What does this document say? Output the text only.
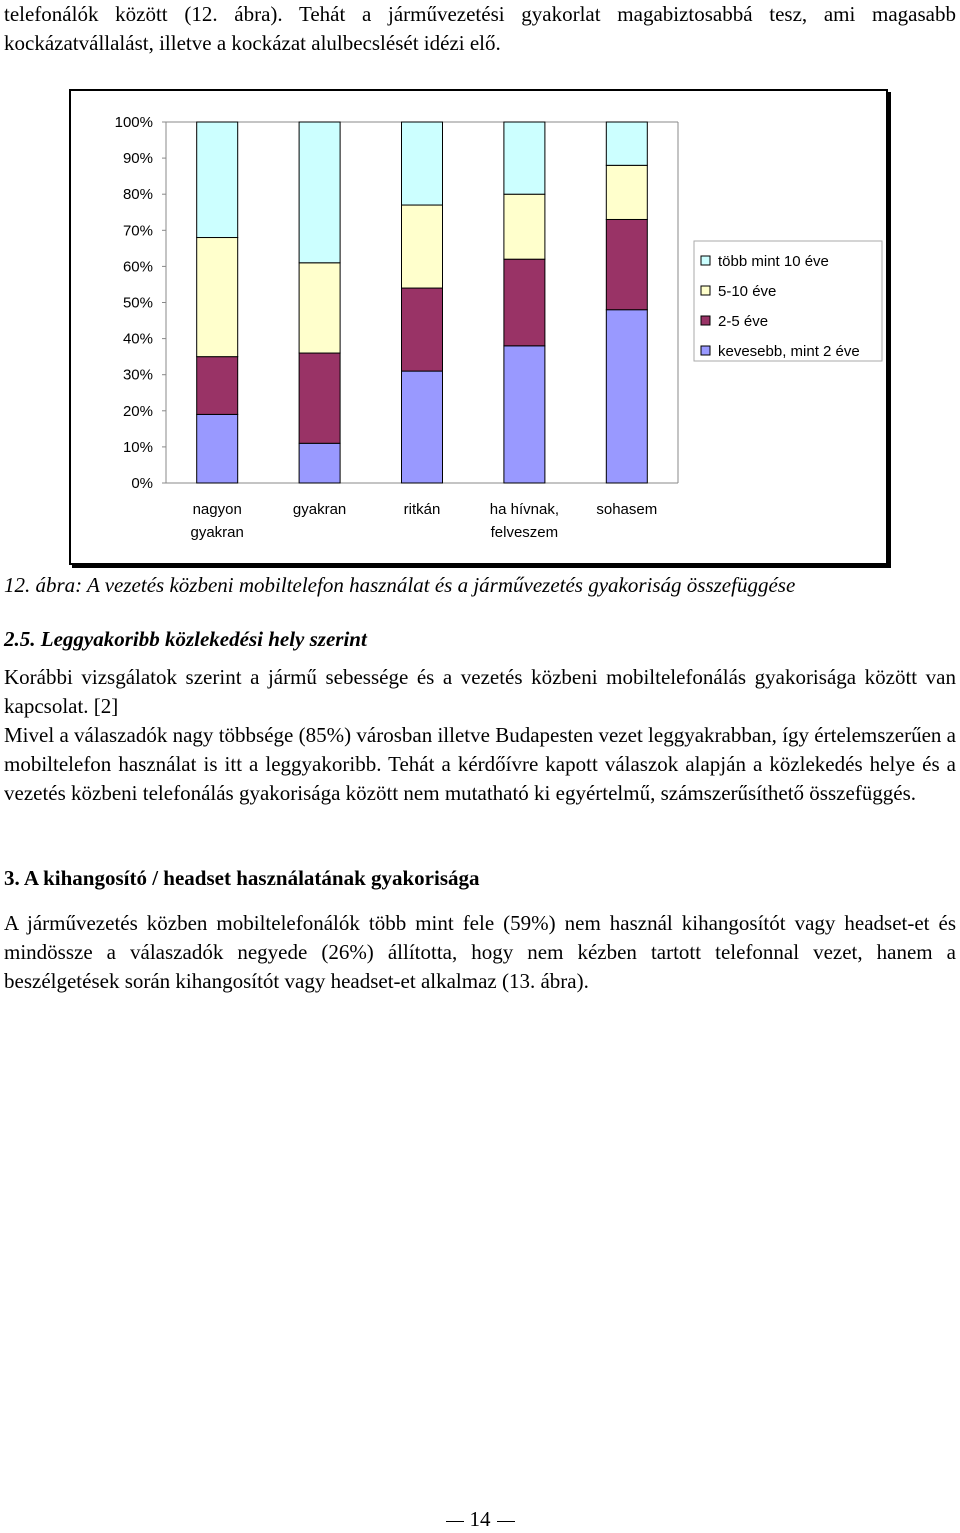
telefonálók között (12. ábra). Tehát a járművezetési gyakorlat magabiztosabbá tesz, ami magasabb kockázatvállalást, illetve a kockázat alulbecslését idézi elő.

0%
10%
20%
30%
40%
50%
60%
70%
80%
90%
100%
nagyon
gyakran
gyakran	ritkán	ha hívnak,
felveszem
sohasem
több mint 10 éve
5-10 éve
2-5 éve
kevesebb, mint 2 éve

12. ábra: A vezetés közbeni mobiltelefon használat és a járművezetés gyakoriság összefüggése

2.5. Leggyakoribb közlekedési hely szerint

Korábbi vizsgálatok szerint a jármű sebessége és a vezetés közbeni mobiltelefonálás gyakorisága között van kapcsolat. [2]

Mivel a válaszadók nagy többsége (85%) városban illetve Budapesten vezet leggyakrabban, így értelemszerűen a mobiltelefon használat is itt a leggyakoribb. Tehát a kérdőívre kapott válaszok alapján a közlekedés helye és a vezetés közbeni telefonálás gyakorisága között nem mutatható ki egyértelmű, számszerűsíthető összefüggés.

3. A kihangosító / headset használatának gyakorisága

A járművezetés közben mobiltelefonálók több mint fele (59%) nem használ kihangosítót vagy headset-et és mindössze a válaszadók negyede (26%) állította, hogy nem kézben tartott telefonnal vezet, hanem a beszélgetések során kihangosítót vagy headset-et alkalmaz (13. ábra).

14
